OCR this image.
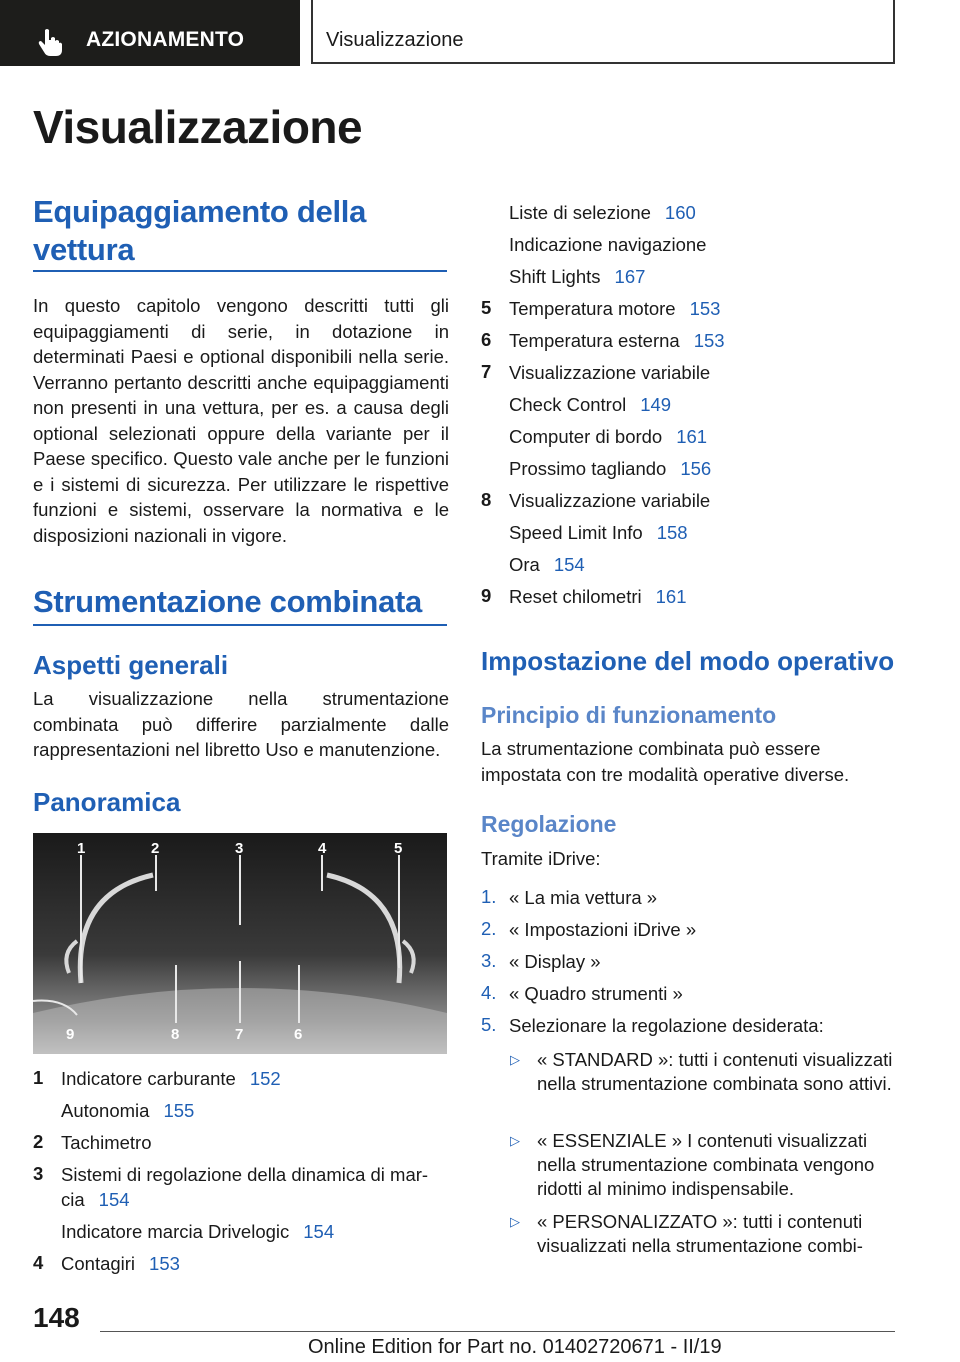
AZIONAMENTO	Visualizzazione
Visualizzazione
Equipaggiamento della vettura
In questo capitolo vengono descritti tutti gli equipaggiamenti di serie, in dotazione in determinati Paesi e optional disponibili nella serie. Verranno pertanto descritti anche equipaggiamenti non presenti in una vettura, per es. a causa degli optional selezionati oppure della variante per il Paese specifico. Questo vale anche per le funzioni e i sistemi di sicurezza. Per utilizzare le rispettive funzioni e sistemi, osservare la normativa e le disposizioni nazionali in vigore.
Strumentazione combinata
Aspetti generali
La visualizzazione nella strumentazione combinata può differire parzialmente dalle rappresentazioni nel libretto Uso e manutenzione.
Panoramica
1	2	3	4	5
9	8	7	6
1 Indicatore carburante 152
Autonomia 155
2 Tachimetro
3 Sistemi di regolazione della dinamica di mar-
cia 154
Indicatore marcia Drivelogic 154
4 Contagiri 153
Liste di selezione 160
Indicazione navigazione
Shift Lights 167
5 Temperatura motore 153
6 Temperatura esterna 153
7 Visualizzazione variabile
Check Control 149
Computer di bordo 161
Prossimo tagliando 156
8 Visualizzazione variabile
Speed Limit Info 158
Ora 154
9 Reset chilometri 161
Impostazione del modo operativo
Principio di funzionamento
La strumentazione combinata può essere impostata con tre modalità operative diverse.
Regolazione
Tramite iDrive:
1. « La mia vettura »
2. « Impostazioni iDrive »
3. « Display »
4. « Quadro strumenti »
5. Selezionare la regolazione desiderata:
▷ « STANDARD »: tutti i contenuti visualizzati nella strumentazione combinata sono attivi.
▷ « ESSENZIALE » I contenuti visualizzati nella strumentazione combinata vengono ridotti al minimo indispensabile.
▷ « PERSONALIZZATO »: tutti i contenuti visualizzati nella strumentazione combi-
148
Online Edition for Part no. 01402720671 - II/19
